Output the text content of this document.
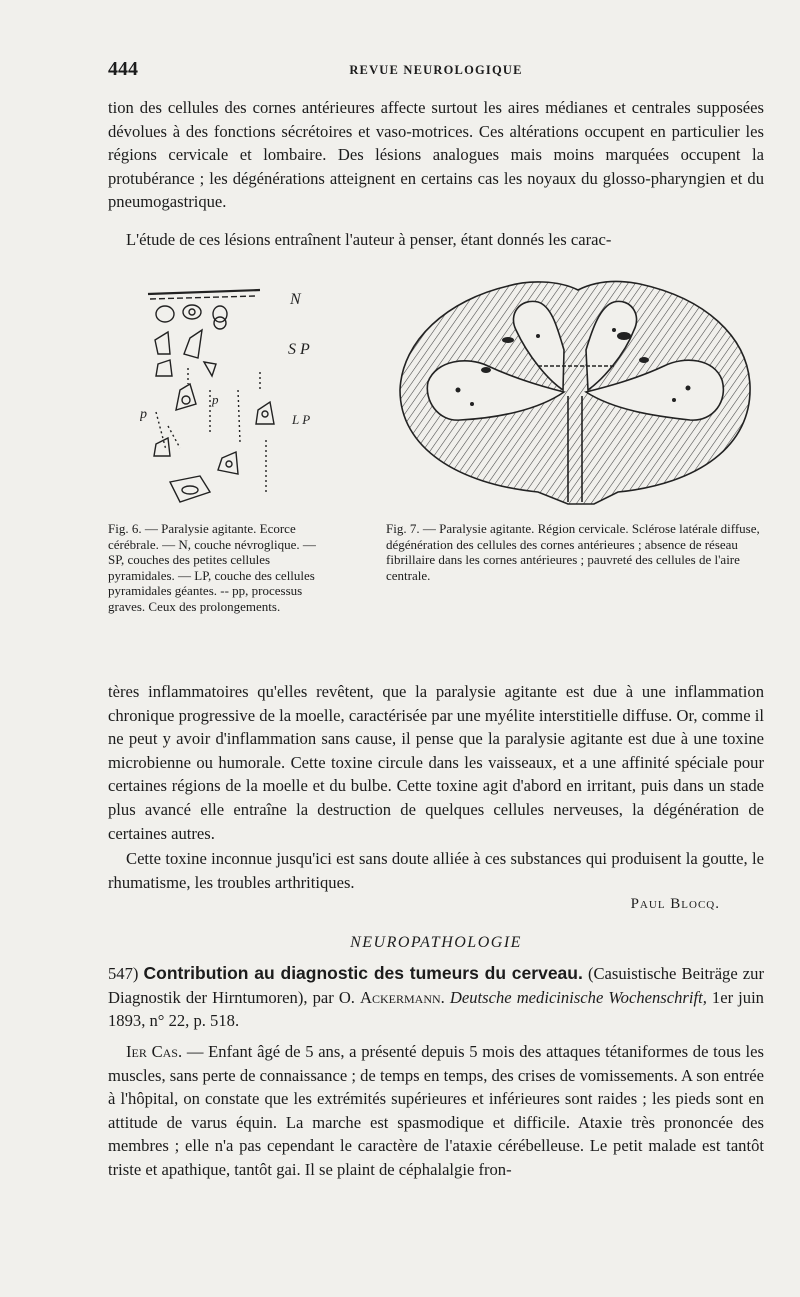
444	REVUE NEUROLOGIQUE

tion des cellules des cornes antérieures affecte surtout les aires médianes et centrales supposées dévolues à des fonctions sécrétoires et vaso-motrices. Ces altérations occupent en particulier les régions cervicale et lombaire. Des lésions analogues mais moins marquées occupent la protubérance ; les dégénérations atteignent en certains cas les noyaux du glosso-pharyngien et du pneumogastrique.

L'étude de ces lésions entraînent l'auteur à penser, étant donnés les carac-

N
S P
L P
p
p

Fig. 6. — Paralysie agitante. Ecorce cérébrale. — N, couche névroglique. — SP, couches des petites cellules pyramidales. — LP, couche des cellules pyramidales géantes. -- pp, processus graves. Ceux des prolongements.

Fig. 7. — Paralysie agitante. Région cervicale. Sclérose latérale diffuse, dégénération des cellules des cornes antérieures ; absence de réseau fibrillaire dans les cornes antérieures ; pauvreté des cellules de l'aire centrale.

tères inflammatoires qu'elles revêtent, que la paralysie agitante est due à une inflammation chronique progressive de la moelle, caractérisée par une myélite interstitielle diffuse. Or, comme il ne peut y avoir d'inflammation sans cause, il pense que la paralysie agitante est due à une toxine microbienne ou humorale. Cette toxine circule dans les vaisseaux, et a une affinité spéciale pour certaines régions de la moelle et du bulbe. Cette toxine agit d'abord en irritant, puis dans un stade plus avancé elle entraîne la destruction de quelques cellules nerveuses, la dégénération de certaines autres.

Cette toxine inconnue jusqu'ici est sans doute alliée à ces substances qui produisent la goutte, le rhumatisme, les troubles arthritiques.

Paul Blocq.

NEUROPATHOLOGIE

547) Contribution au diagnostic des tumeurs du cerveau. (Casuistische Beiträge zur Diagnostik der Hirntumoren), par O. Ackermann. Deutsche medicinische Wochenschrift, 1er juin 1893, n° 22, p. 518.

Ier Cas. — Enfant âgé de 5 ans, a présenté depuis 5 mois des attaques tétaniformes de tous les muscles, sans perte de connaissance ; de temps en temps, des crises de vomissements. A son entrée à l'hôpital, on constate que les extrémités supérieures et inférieures sont raides ; les pieds sont en attitude de varus équin. La marche est spasmodique et difficile. Ataxie très prononcée des membres ; elle n'a pas cependant le caractère de l'ataxie cérébelleuse. Le petit malade est tantôt triste et apathique, tantôt gai. Il se plaint de céphalalgie fron-
